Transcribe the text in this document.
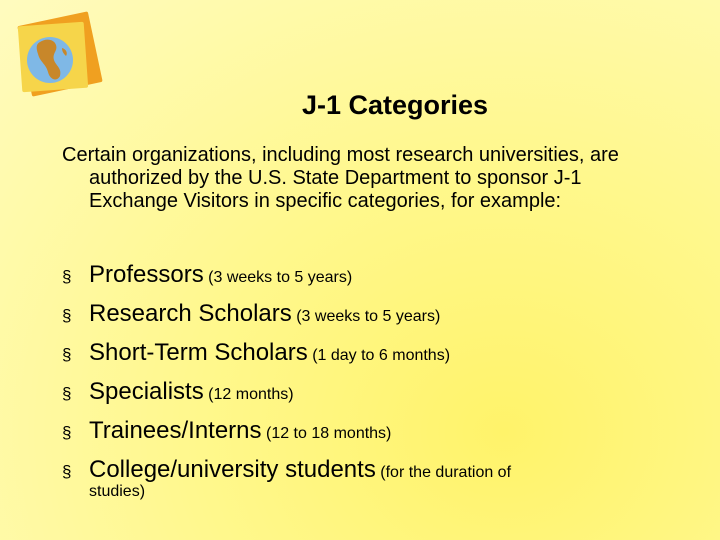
J-1 Categories
Certain organizations, including most research universities, are authorized by the U.S. State Department to sponsor J-1 Exchange Visitors in specific categories, for example:
§ Professors (3 weeks to 5 years)
§ Research Scholars (3 weeks to 5 years)
§ Short-Term Scholars (1 day to 6 months)
§ Specialists (12 months)
§ Trainees/Interns (12 to 18 months)
§ College/university students (for the duration of
studies)
